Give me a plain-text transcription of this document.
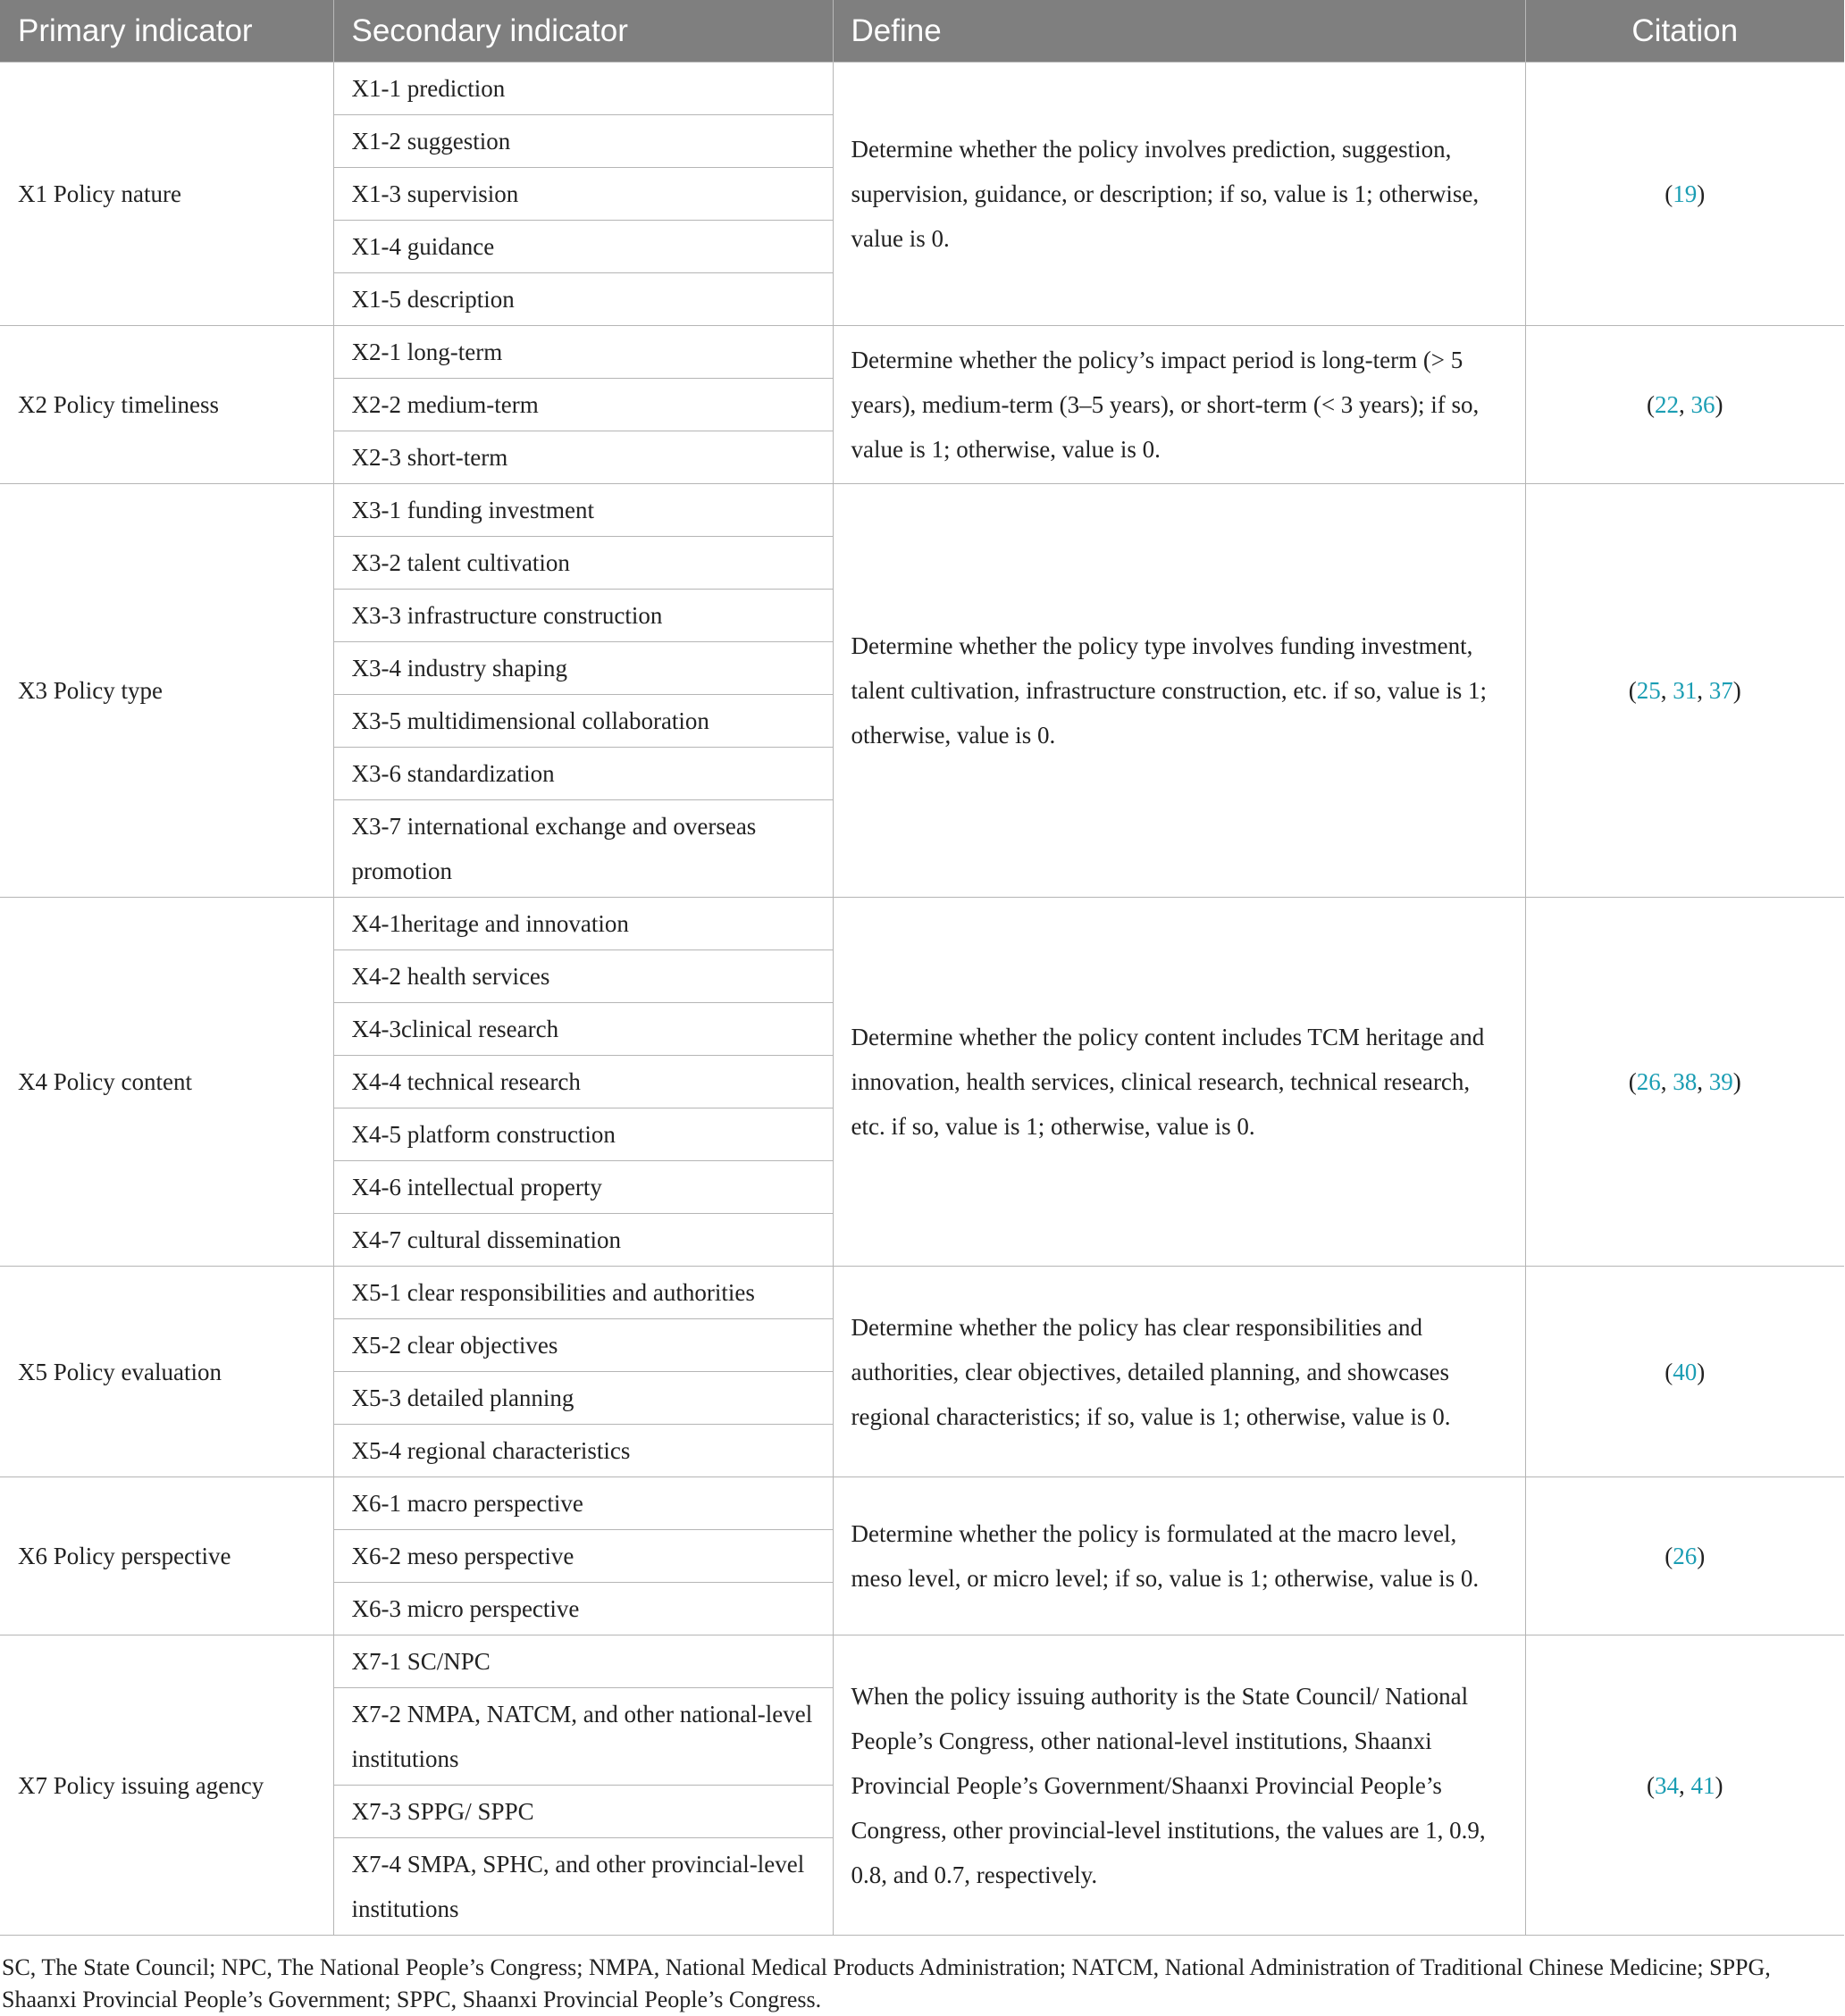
Primary indicator	Secondary indicator	Define	Citation
X1 Policy nature	X1-1 prediction	Determine whether the policy involves prediction, suggestion, supervision, guidance, or description; if so, value is 1; otherwise, value is 0.	(19)
	X1-2 suggestion		
	X1-3 supervision		
	X1-4 guidance		
	X1-5 description		
X2 Policy timeliness	X2-1 long-term	Determine whether the policy’s impact period is long-term (> 5 years), medium-term (3–5 years), or short-term (< 3 years); if so, value is 1; otherwise, value is 0.	(22, 36)
	X2-2 medium-term		
	X2-3 short-term		
X3 Policy type	X3-1 funding investment	Determine whether the policy type involves funding investment, talent cultivation, infrastructure construction, etc. if so, value is 1; otherwise, value is 0.	(25, 31, 37)
	X3-2 talent cultivation		
	X3-3 infrastructure construction		
	X3-4 industry shaping		
	X3-5 multidimensional collaboration		
	X3-6 standardization		
	X3-7 international exchange and overseas promotion		
X4 Policy content	X4-1heritage and innovation	Determine whether the policy content includes TCM heritage and innovation, health services, clinical research, technical research, etc. if so, value is 1; otherwise, value is 0.	(26, 38, 39)
	X4-2 health services		
	X4-3clinical research		
	X4-4 technical research		
	X4-5 platform construction		
	X4-6 intellectual property		
	X4-7 cultural dissemination		
X5 Policy evaluation	X5-1 clear responsibilities and authorities	Determine whether the policy has clear responsibilities and authorities, clear objectives, detailed planning, and showcases regional characteristics; if so, value is 1; otherwise, value is 0.	(40)
	X5-2 clear objectives		
	X5-3 detailed planning		
	X5-4 regional characteristics		
X6 Policy perspective	X6-1 macro perspective	Determine whether the policy is formulated at the macro level, meso level, or micro level; if so, value is 1; otherwise, value is 0.	(26)
	X6-2 meso perspective		
	X6-3 micro perspective		
X7 Policy issuing agency	X7-1 SC/NPC	When the policy issuing authority is the State Council/ National People’s Congress, other national-level institutions, Shaanxi Provincial People’s Government/Shaanxi Provincial People’s Congress, other provincial-level institutions, the values are 1, 0.9, 0.8, and 0.7, respectively.	(34, 41)
	X7-2 NMPA, NATCM, and other national-level institutions		
	X7-3 SPPG/ SPPC		
	X7-4 SMPA, SPHC, and other provincial-level institutions		
SC, The State Council; NPC, The National People’s Congress; NMPA, National Medical Products Administration; NATCM, National Administration of Traditional Chinese Medicine; SPPG, Shaanxi Provincial People’s Government; SPPC, Shaanxi Provincial People’s Congress.
